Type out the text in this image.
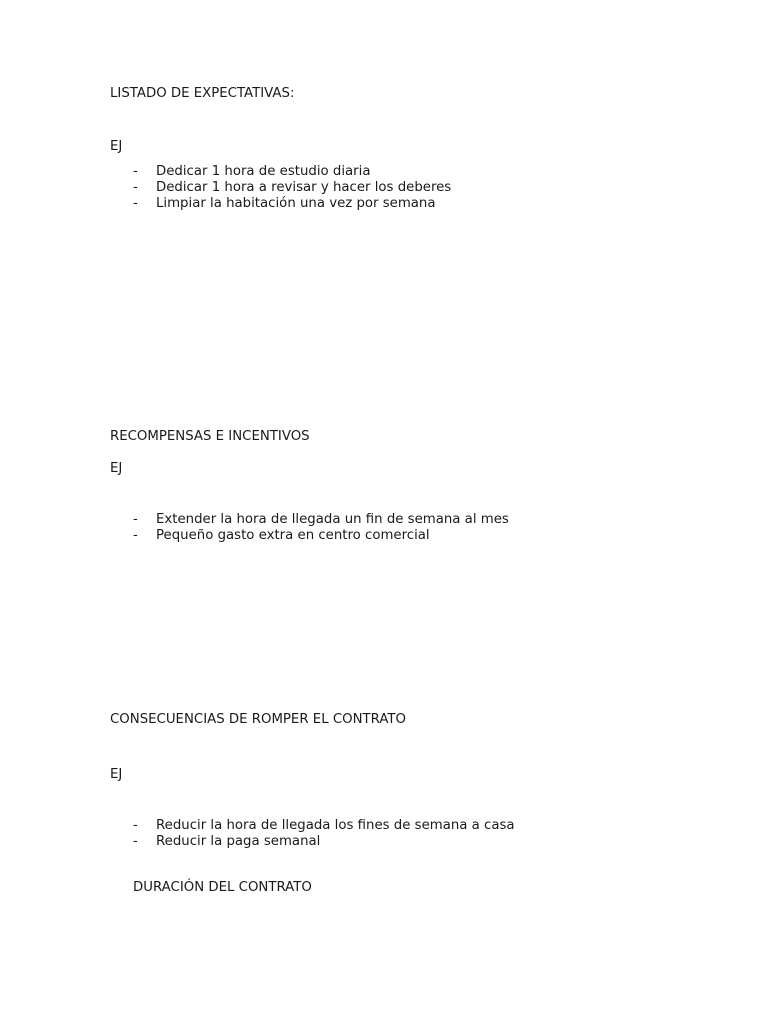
LISTADO DE EXPECTATIVAS:
EJ
- Dedicar 1 hora de estudio diaria
- Dedicar 1 hora a revisar y hacer los deberes
- Limpiar la habitación una vez por semana
RECOMPENSAS E INCENTIVOS
EJ
- Extender la hora de llegada un fin de semana al mes
- Pequeño gasto extra en centro comercial
CONSECUENCIAS DE ROMPER EL CONTRATO
EJ
- Reducir la hora de llegada los fines de semana a casa
- Reducir la paga semanal
DURACIÓN DEL CONTRATO
